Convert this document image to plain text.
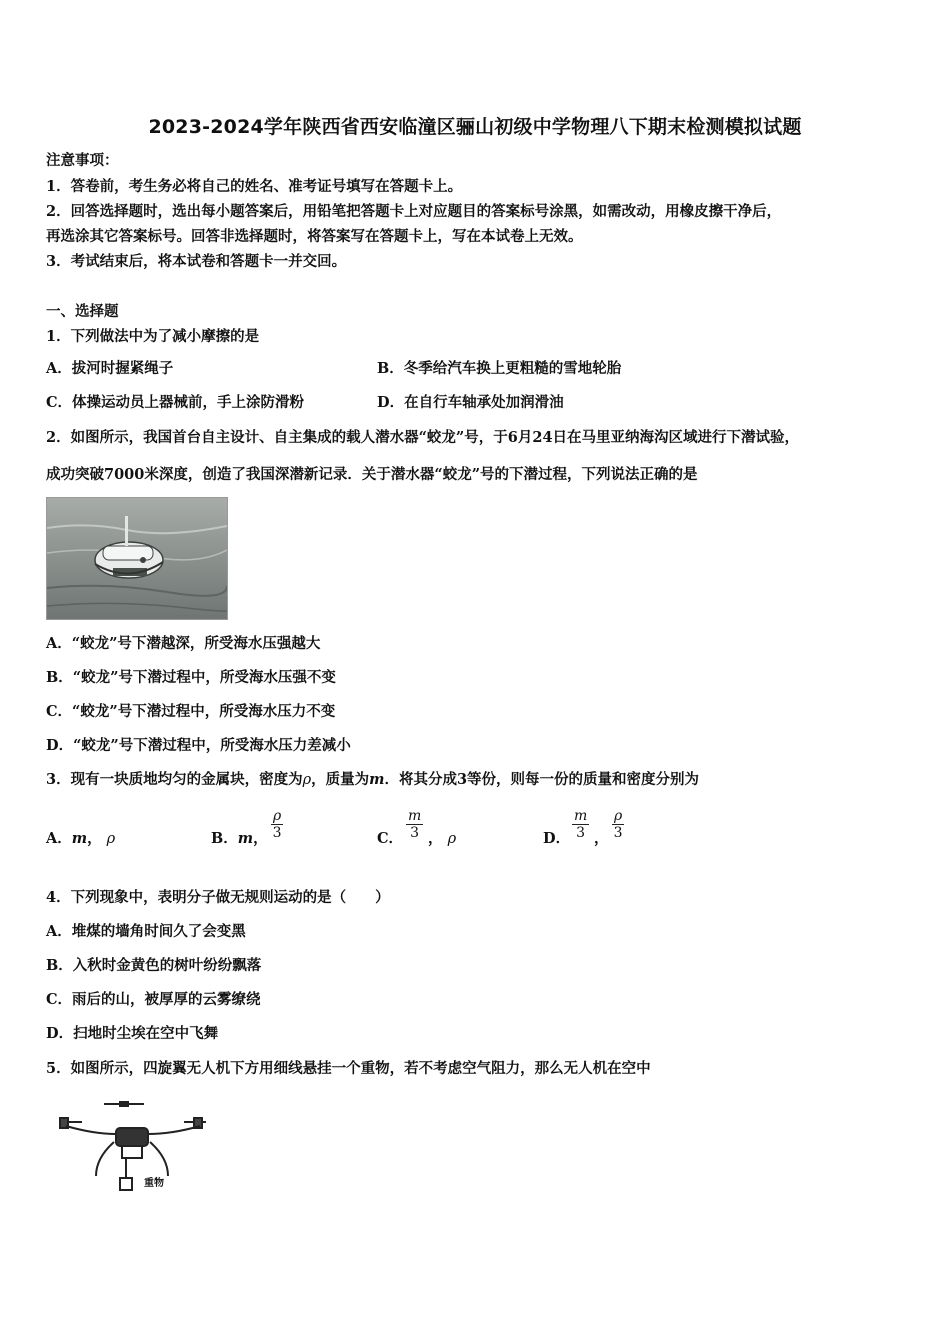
2023-2024学年陕西省西安临潼区骊山初级中学物理八下期末检测模拟试题
注意事项：
1．答卷前，考生务必将自己的姓名、准考证号填写在答题卡上。
2．回答选择题时，选出每小题答案后，用铅笔把答题卡上对应题目的答案标号涂黑，如需改动，用橡皮擦干净后，
再选涂其它答案标号。回答非选择题时，将答案写在答题卡上，写在本试卷上无效。
3．考试结束后，将本试卷和答题卡一并交回。
一、选择题
1．下列做法中为了减小摩擦的是
A．拔河时握紧绳子	B．冬季给汽车换上更粗糙的雪地轮胎
C．体操运动员上器械前，手上涂防滑粉	D．在自行车轴承处加润滑油
2．如图所示，我国首台自主设计、自主集成的载人潜水器“蛟龙”号，于6月24日在马里亚纳海沟区域进行下潜试验，
成功突破7000米深度，创造了我国深潜新记录．关于潜水器“蛟龙”号的下潜过程，下列说法正确的是
A．“蛟龙”号下潜越深，所受海水压强越大
B．“蛟龙”号下潜过程中，所受海水压强不变
C．“蛟龙”号下潜过程中，所受海水压力不变
D．“蛟龙”号下潜过程中，所受海水压力差减小
3．现有一块质地均匀的金属块，密度为ρ，质量为m．将其分成3等份，则每一份的质量和密度分别为
A．m， ρ	B．m， $\frac{\rho}{3}$	C． $\frac{m}{3}$ ， ρ	D． $\frac{m}{3}$ ， $\frac{\rho}{3}$
4．下列现象中，表明分子做无规则运动的是（　　）
A．堆煤的墙角时间久了会变黑
B．入秋时金黄色的树叶纷纷飘落
C．雨后的山，被厚厚的云雾缭绕
D．扫地时尘埃在空中飞舞
5．如图所示，四旋翼无人机下方用细线悬挂一个重物，若不考虑空气阻力，那么无人机在空中
重物
